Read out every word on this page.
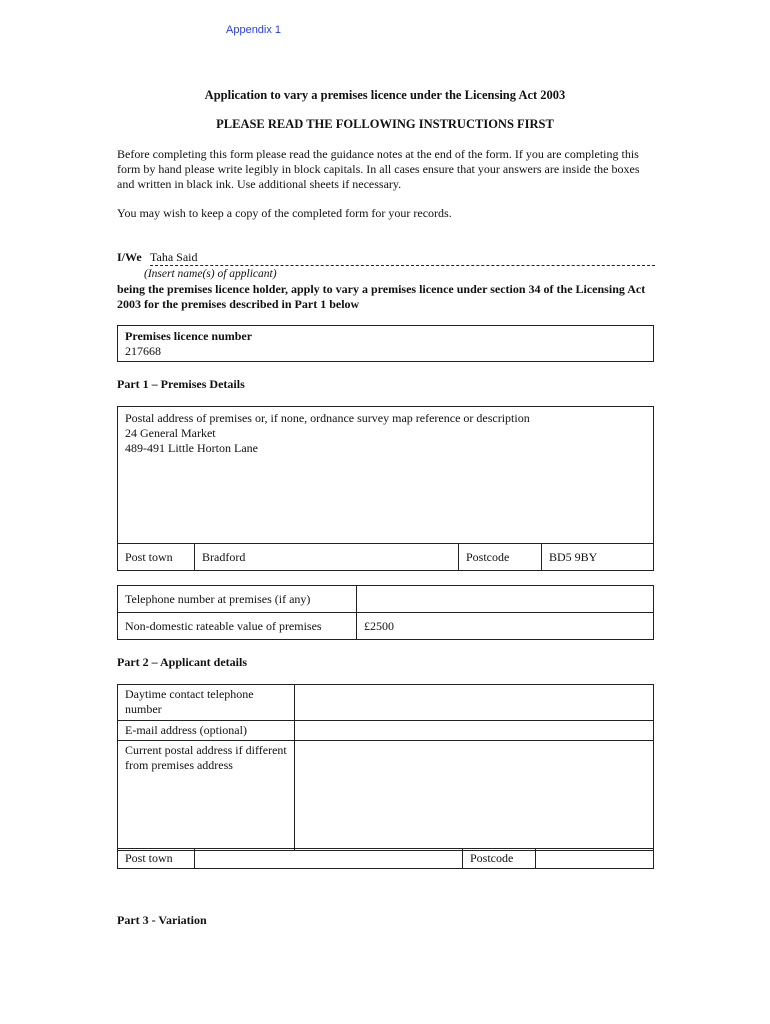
Appendix 1
Application to vary a premises licence under the Licensing Act 2003
PLEASE READ THE FOLLOWING INSTRUCTIONS FIRST
Before completing this form please read the guidance notes at the end of the form. If you are completing this form by hand please write legibly in block capitals. In all cases ensure that your answers are inside the boxes and written in black ink. Use additional sheets if necessary.
You may wish to keep a copy of the completed form for your records.
I/We Taha Said
(Insert name(s) of applicant)
being the premises licence holder, apply to vary a premises licence under section 34 of the Licensing Act 2003 for the premises described in Part 1 below
Premises licence number
217668
Part 1 – Premises Details
Postal address of premises or, if none, ordnance survey map reference or description
24 General Market
489-491 Little Horton Lane
Post town	Bradford	Postcode	BD5 9BY
Telephone number at premises (if any)	
Non-domestic rateable value of premises	£2500
Part 2 – Applicant details
Daytime contact telephone number	
E-mail address (optional)	
Current postal address if different from premises address	
Post town		Postcode	
Part 3 - Variation
